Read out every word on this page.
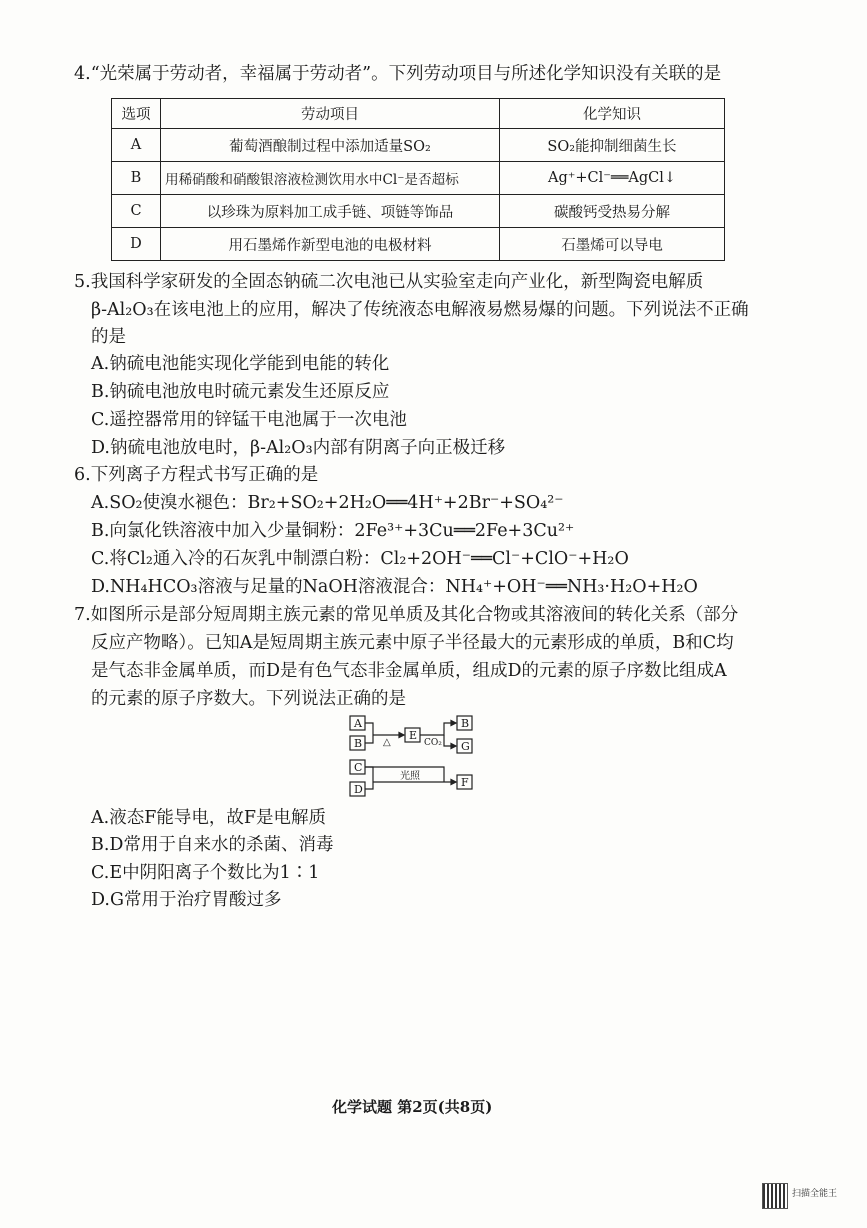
4.“光荣属于劳动者，幸福属于劳动者”。下列劳动项目与所述化学知识没有关联的是
选项	劳动项目	化学知识
A	葡萄酒酿制过程中添加适量SO₂	SO₂能抑制细菌生长
B	用稀硝酸和硝酸银溶液检测饮用水中Cl⁻是否超标	Ag⁺+Cl⁻══AgCl↓
C	以珍珠为原料加工成手链、项链等饰品	碳酸钙受热易分解
D	用石墨烯作新型电池的电极材料	石墨烯可以导电
5.我国科学家研发的全固态钠硫二次电池已从实验室走向产业化，新型陶瓷电解质
β-Al₂O₃在该电池上的应用，解决了传统液态电解液易燃易爆的问题。下列说法不正确
的是
A.钠硫电池能实现化学能到电能的转化
B.钠硫电池放电时硫元素发生还原反应
C.遥控器常用的锌锰干电池属于一次电池
D.钠硫电池放电时，β-Al₂O₃内部有阴离子向正极迁移
6.下列离子方程式书写正确的是
A.SO₂使溴水褪色：Br₂+SO₂+2H₂O══4H⁺+2Br⁻+SO₄²⁻
B.向氯化铁溶液中加入少量铜粉：2Fe³⁺+3Cu══2Fe+3Cu²⁺
C.将Cl₂通入冷的石灰乳中制漂白粉：Cl₂+2OH⁻══Cl⁻+ClO⁻+H₂O
D.NH₄HCO₃溶液与足量的NaOH溶液混合：NH₄⁺+OH⁻══NH₃·H₂O+H₂O
7.如图所示是部分短周期主族元素的常见单质及其化合物或其溶液间的转化关系（部分
反应产物略）。已知A是短周期主族元素中原子半径最大的元素形成的单质，B和C均
是气态非金属单质，而D是有色气态非金属单质，组成D的元素的原子序数比组成A
的元素的原子序数大。下列说法正确的是
A
B
C
D
E
B
G
F
△	CO₂
光照
A.液态F能导电，故F是电解质
B.D常用于自来水的杀菌、消毒
C.E中阴阳离子个数比为1∶1
D.G常用于治疗胃酸过多
化学试题 第2页(共8页)
扫描全能王
